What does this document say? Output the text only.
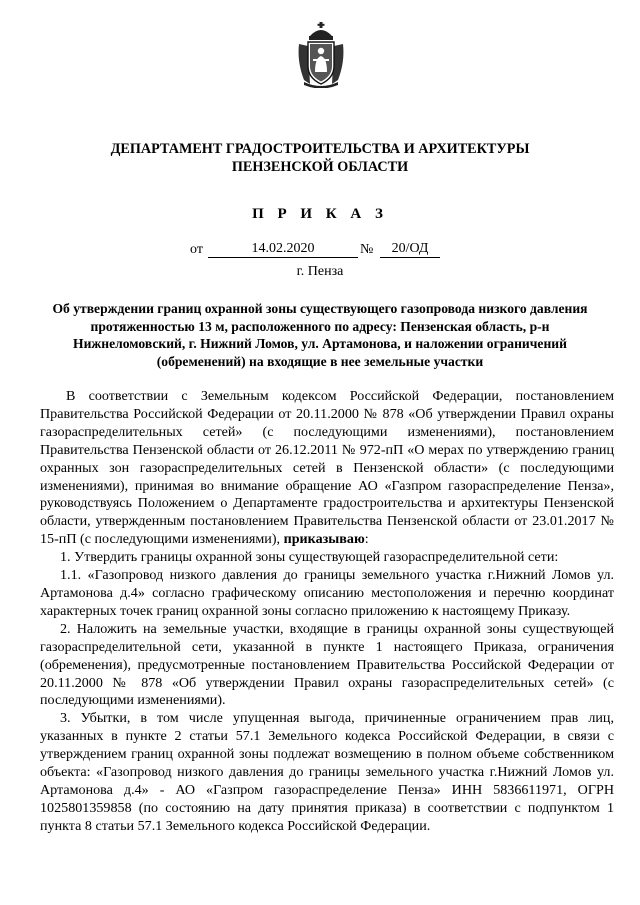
ДЕПАРТАМЕНТ ГРАДОСТРОИТЕЛЬСТВА И АРХИТЕКТУРЫ
ПЕНЗЕНСКОЙ ОБЛАСТИ
П Р И К А З
от	14.02.2020	№	20/ОД
г. Пенза
Об утверждении границ охранной зоны существующего газопровода низкого давления протяженностью 13 м, расположенного по адресу: Пензенская область, р-н Нижнеломовский, г. Нижний Ломов, ул. Артамонова, и наложении ограничений (обременений) на входящие в нее земельные участки

В соответствии с Земельным кодексом Российской Федерации, постановлением Правительства Российской Федерации от 20.11.2000 № 878 «Об утверждении Правил охраны газораспределительных сетей» (с последующими изменениями), постановлением Правительства Пензенской области от 26.12.2011 № 972-пП «О мерах по утверждению границ охранных зон газораспределительных сетей в Пензенской области» (с последующими изменениями), принимая во внимание обращение АО «Газпром газораспределение Пенза», руководствуясь Положением о Департаменте градостроительства и архитектуры Пензенской области, утвержденным постановлением Правительства Пензенской области от 23.01.2017 № 15-пП (с последующими изменениями), приказываю:

1. Утвердить границы охранной зоны существующей газораспределительной сети:

1.1. «Газопровод низкого давления до границы земельного участка г.Нижний Ломов ул. Артамонова д.4» согласно графическому описанию местоположения и перечню координат характерных точек границ охранной зоны согласно приложению к настоящему Приказу.

2. Наложить на земельные участки, входящие в границы охранной зоны существующей газораспределительной сети, указанной в пункте 1 настоящего Приказа, ограничения (обременения), предусмотренные постановлением Правительства Российской Федерации от 20.11.2000 № 878 «Об утверждении Правил охраны газораспределительных сетей» (с последующими изменениями).

3. Убытки, в том числе упущенная выгода, причиненные ограничением прав лиц, указанных в пункте 2 статьи 57.1 Земельного кодекса Российской Федерации, в связи с утверждением границ охранной зоны подлежат возмещению в полном объеме собственником объекта: «Газопровод низкого давления до границы земельного участка г.Нижний Ломов ул. Артамонова д.4» - АО «Газпром газораспределение Пенза» ИНН 5836611971, ОГРН 1025801359858 (по состоянию на дату принятия приказа) в соответствии с подпунктом 1 пункта 8 статьи 57.1 Земельного кодекса Российской Федерации.
